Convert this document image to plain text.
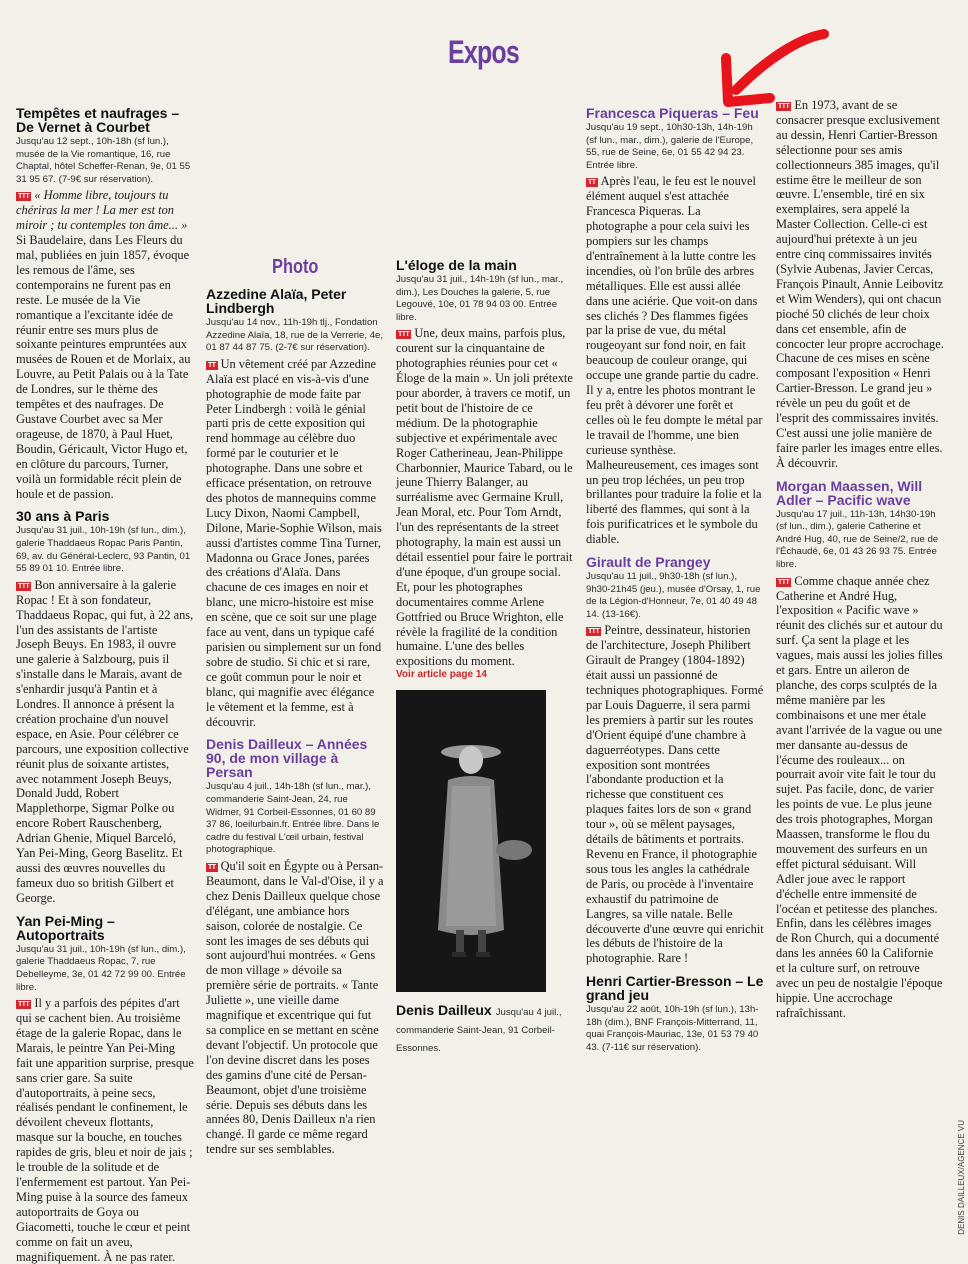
Expos
Tempêtes et naufrages – De Vernet à Courbet
Jusqu'au 12 sept., 10h-18h (sf lun.), musée de la Vie romantique, 16, rue Chaptal, hôtel Scheffer-Renan, 9e, 01 55 31 95 67. (7-9€ sur réservation).
TTT « Homme libre, toujours tu chériras la mer ! La mer est ton miroir ; tu contemples ton âme... » Si Baudelaire, dans Les Fleurs du mal, publiées en juin 1857, évoque les remous de l'âme, ses contemporains ne furent pas en reste. Le musée de la Vie romantique a l'excitante idée de réunir entre ses murs plus de soixante peintures empruntées aux musées de Rouen et de Morlaix, au Louvre, au Petit Palais ou à la Tate de Londres, sur le thème des tempêtes et des naufrages. De Gustave Courbet avec sa Mer orageuse, de 1870, à Paul Huet, Boudin, Géricault, Victor Hugo et, en clôture du parcours, Turner, voilà un formidable récit plein de houle et de passion.
30 ans à Paris
Jusqu'au 31 juil., 10h-19h (sf lun., dim.), galerie Thaddaeus Ropac Paris Pantin, 69, av. du Général-Leclerc, 93 Pantin, 01 55 89 01 10. Entrée libre.
TTT Bon anniversaire à la galerie Ropac ! Et à son fondateur, Thaddaeus Ropac, qui fut, à 22 ans, l'un des assistants de l'artiste Joseph Beuys. En 1983, il ouvre une galerie à Salzbourg, puis il s'installe dans le Marais, avant de s'enhardir jusqu'à Pantin et à Londres. Il annonce à présent la création prochaine d'un nouvel espace, en Asie. Pour célébrer ce parcours, une exposition collective réunit plus de soixante artistes, avec notamment Joseph Beuys, Donald Judd, Robert Mapplethorpe, Sigmar Polke ou encore Robert Rauschenberg, Adrian Ghenie, Miquel Barceló, Yan Pei-Ming, Georg Baselitz. Et aussi des œuvres nouvelles du fameux duo so british Gilbert et George.
Yan Pei-Ming – Autoportraits
Jusqu'au 31 juil., 10h-19h (sf lun., dim.), galerie Thaddaeus Ropac, 7, rue Debelleyme, 3e, 01 42 72 99 00. Entrée libre.
TTT Il y a parfois des pépites d'art qui se cachent bien. Au troisième étage de la galerie Ropac, dans le Marais, le peintre Yan Pei-Ming fait une apparition surprise, presque sans crier gare. Sa suite d'autoportraits, à peine secs, réalisés pendant le confinement, le dévoilent cheveux flottants, masque sur la bouche, en touches rapides de gris, bleu et noir de jais ; le trouble de la solitude et de l'enfermement est partout. Yan Pei-Ming puise à la source des fameux autoportraits de Goya ou Giacometti, touche le cœur et peint comme on fait un aveu, magnifiquement. À ne pas rater.
Photo
Azzedine Alaïa, Peter Lindbergh
Jusqu'au 14 nov., 11h-19h tlj., Fondation Azzedine Alaïa, 18, rue de la Verrerie, 4e, 01 87 44 87 75. (2-7€ sur réservation).
TT Un vêtement créé par Azzedine Alaïa est placé en vis-à-vis d'une photographie de mode faite par Peter Lindbergh : voilà le génial parti pris de cette exposition qui rend hommage au célèbre duo formé par le couturier et le photographe. Dans une sobre et efficace présentation, on retrouve des photos de mannequins comme Lucy Dixon, Naomi Campbell, Dilone, Marie-Sophie Wilson, mais aussi d'artistes comme Tina Turner, Madonna ou Grace Jones, parées des créations d'Alaïa. Dans chacune de ces images en noir et blanc, une micro-histoire est mise en scène, que ce soit sur une plage face au vent, dans un typique café parisien ou simplement sur un fond sobre de studio. Si chic et si rare, ce goût commun pour le noir et blanc, qui magnifie avec élégance le vêtement et la femme, est à découvrir.
Denis Dailleux – Années 90, de mon village à Persan
Jusqu'au 4 juil., 14h-18h (sf lun., mar.), commanderie Saint-Jean, 24, rue Widmer, 91 Corbeil-Essonnes, 01 60 89 37 86, loeilurbain.fr. Entrée libre. Dans le cadre du festival L'œil urbain, festival photographique.
TT Qu'il soit en Égypte ou à Persan-Beaumont, dans le Val-d'Oise, il y a chez Denis Dailleux quelque chose d'élégant, une ambiance hors saison, colorée de nostalgie. Ce sont les images de ses débuts qui sont aujourd'hui montrées. « Gens de mon village » dévoile sa première série de portraits. « Tante Juliette », une vieille dame magnifique et excentrique qui fut sa complice en se mettant en scène devant l'objectif. Un protocole que l'on devine discret dans les poses des gamins d'une cité de Persan-Beaumont, objet d'une troisième série. Depuis ses débuts dans les années 80, Denis Dailleux n'a rien changé. Il garde ce même regard tendre sur ses semblables.
L'éloge de la main
Jusqu'au 31 juil., 14h-19h (sf lun., mar., dim.), Les Douches la galerie, 5, rue Legouvé, 10e, 01 78 94 03 00. Entrée libre.
TTT Une, deux mains, parfois plus, courent sur la cinquantaine de photographies réunies pour cet « Éloge de la main ». Un joli prétexte pour aborder, à travers ce motif, un petit bout de l'histoire de ce médium. De la photographie subjective et expérimentale avec Roger Catherineau, Jean-Philippe Charbonnier, Maurice Tabard, ou le jeune Thierry Balanger, au surréalisme avec Germaine Krull, Jean Moral, etc. Pour Tom Arndt, l'un des représentants de la street photography, la main est aussi un détail essentiel pour faire le portrait d'une époque, d'un groupe social. Et, pour les photographes documentaires comme Arlene Gottfried ou Bruce Wrighton, elle révèle la fragilité de la condition humaine. L'une des belles expositions du moment.
Voir article page 14
Denis Dailleux Jusqu'au 4 juil., commanderie Saint-Jean, 91 Corbeil-Essonnes.
Francesca Piqueras – Feu
Jusqu'au 19 sept., 10h30-13h, 14h-19h (sf lun., mar., dim.), galerie de l'Europe, 55, rue de Seine, 6e, 01 55 42 94 23. Entrée libre.
TT Après l'eau, le feu est le nouvel élément auquel s'est attachée Francesca Piqueras. La photographe a pour cela suivi les pompiers sur les champs d'entraînement à la lutte contre les incendies, où l'on brûle des arbres métalliques. Elle est aussi allée dans une aciérie. Que voit-on dans ses clichés ? Des flammes figées par la prise de vue, du métal rougeoyant sur fond noir, en fait beaucoup de couleur orange, qui occupe une grande partie du cadre. Il y a, entre les photos montrant le feu prêt à dévorer une forêt et celles où le feu dompte le métal par le travail de l'homme, une bien curieuse synthèse. Malheureusement, ces images sont un peu trop léchées, un peu trop brillantes pour traduire la folie et la liberté des flammes, qui sont à la fois purificatrices et le symbole du diable.
Girault de Prangey
Jusqu'au 11 juil., 9h30-18h (sf lun.), 9h30-21h45 (jeu.), musée d'Orsay, 1, rue de la Légion-d'Honneur, 7e, 01 40 49 48 14. (13-16€).
TTT Peintre, dessinateur, historien de l'architecture, Joseph Philibert Girault de Prangey (1804-1892) était aussi un passionné de techniques photographiques. Formé par Louis Daguerre, il sera parmi les premiers à partir sur les routes d'Orient équipé d'une chambre à daguerréotypes. Dans cette exposition sont montrées l'abondante production et la richesse que constituent ces plaques faites lors de son « grand tour », où se mêlent paysages, détails de bâtiments et portraits. Revenu en France, il photographie sous tous les angles la cathédrale de Paris, ou procède à l'inventaire exhaustif du patrimoine de Langres, sa ville natale. Belle découverte d'une œuvre qui enrichit les débuts de l'histoire de la photographie. Rare !
Henri Cartier-Bresson – Le grand jeu
Jusqu'au 22 août, 10h-19h (sf lun.), 13h-18h (dim.), BNF François-Mitterrand, 11, quai François-Mauriac, 13e, 01 53 79 40 43. (7-11€ sur réservation).
TTT En 1973, avant de se consacrer presque exclusivement au dessin, Henri Cartier-Bresson sélectionne pour ses amis collectionneurs 385 images, qu'il estime être le meilleur de son œuvre. L'ensemble, tiré en six exemplaires, sera appelé la Master Collection. Celle-ci est aujourd'hui prétexte à un jeu entre cinq commissaires invités (Sylvie Aubenas, Javier Cercas, François Pinault, Annie Leibovitz et Wim Wenders), qui ont chacun pioché 50 clichés de leur choix dans cet ensemble, afin de concocter leur propre accrochage. Chacune de ces mises en scène composant l'exposition « Henri Cartier-Bresson. Le grand jeu » révèle un peu du goût et de l'esprit des commissaires invités. C'est aussi une jolie manière de faire parler les images entre elles. À découvrir.
Morgan Maassen, Will Adler – Pacific wave
Jusqu'au 17 juil., 11h-13h, 14h30-19h (sf lun., dim.), galerie Catherine et André Hug, 40, rue de Seine/2, rue de l'Échaudé, 6e, 01 43 26 93 75. Entrée libre.
TTT Comme chaque année chez Catherine et André Hug, l'exposition « Pacific wave » réunit des clichés sur et autour du surf. Ça sent la plage et les vagues, mais aussi les jolies filles et gars. Entre un aileron de planche, des corps sculptés de la même manière par les combinaisons et une mer étale avant l'arrivée de la vague ou une mer dansante au-dessus de l'écume des rouleaux... on pourrait avoir vite fait le tour du sujet. Pas facile, donc, de varier les points de vue. Le plus jeune des trois photographes, Morgan Maassen, transforme le flou du mouvement des surfeurs en un effet pictural séduisant. Will Adler joue avec le rapport d'échelle entre immensité de l'océan et petitesse des planches. Enfin, dans les célèbres images de Ron Church, qui a documenté dans les années 60 la Californie et la culture surf, on retrouve avec un peu de nostalgie l'époque hippie. Une accrochage rafraîchissant.
DENIS DAILLEUX/AGENCE VU
